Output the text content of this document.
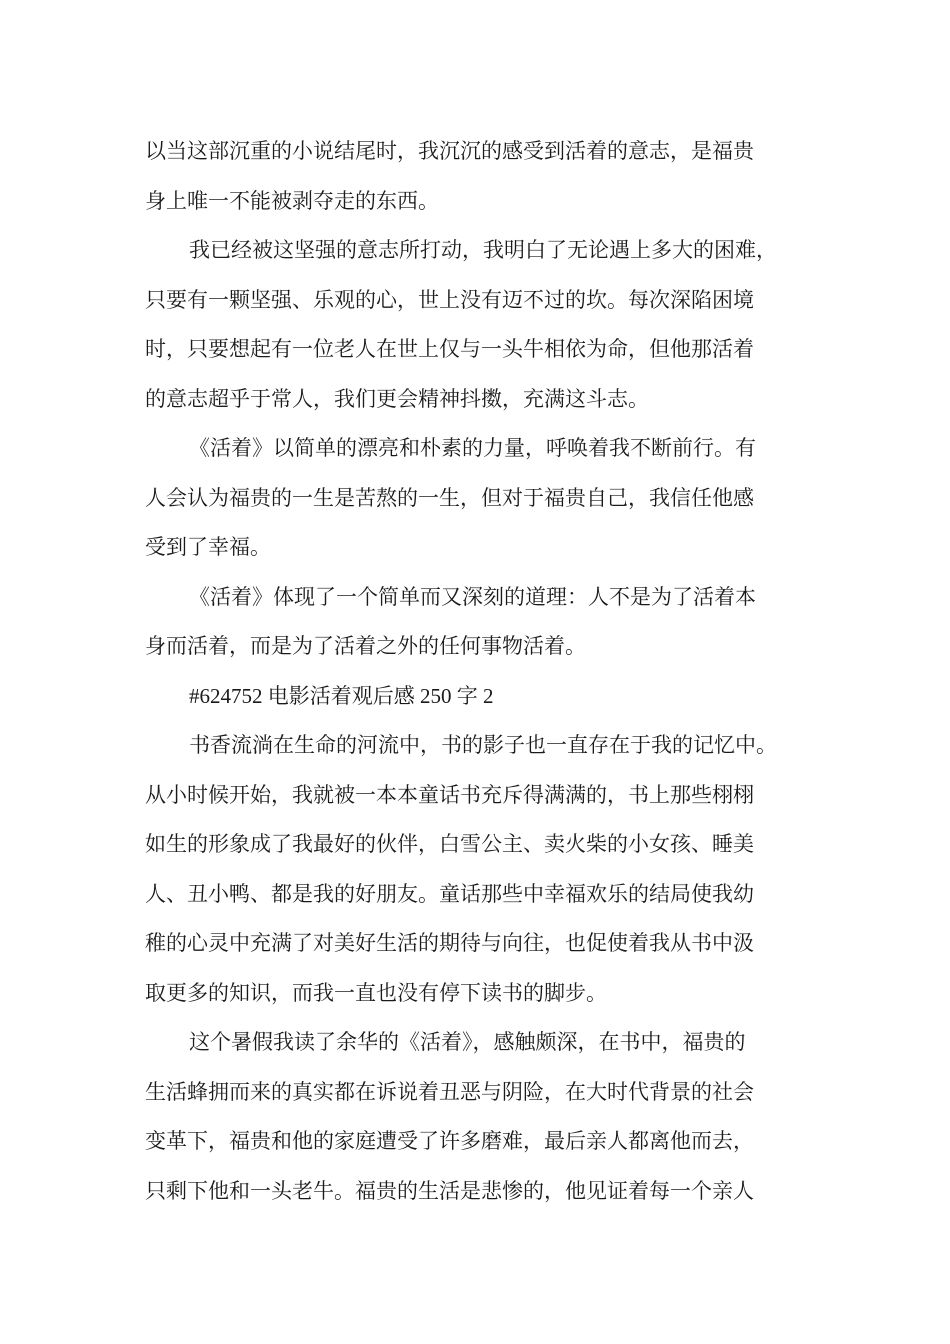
以当这部沉重的小说结尾时，我沉沉的感受到活着的意志，是福贵
身上唯一不能被剥夺走的东西。
我已经被这坚强的意志所打动，我明白了无论遇上多大的困难，
只要有一颗坚强、乐观的心，世上没有迈不过的坎。每次深陷困境
时，只要想起有一位老人在世上仅与一头牛相依为命，但他那活着
的意志超乎于常人，我们更会精神抖擞，充满这斗志。
《活着》以简单的漂亮和朴素的力量，呼唤着我不断前行。有
人会认为福贵的一生是苦熬的一生，但对于福贵自己，我信任他感
受到了幸福。
《活着》体现了一个简单而又深刻的道理：人不是为了活着本
身而活着，而是为了活着之外的任何事物活着。
#624752 电影活着观后感 250 字 2
书香流淌在生命的河流中，书的影子也一直存在于我的记忆中。
从小时候开始，我就被一本本童话书充斥得满满的，书上那些栩栩
如生的形象成了我最好的伙伴，白雪公主、卖火柴的小女孩、睡美
人、丑小鸭、都是我的好朋友。童话那些中幸福欢乐的结局使我幼
稚的心灵中充满了对美好生活的期待与向往，也促使着我从书中汲
取更多的知识，而我一直也没有停下读书的脚步。
这个暑假我读了余华的《活着》，感触颇深，在书中，福贵的
生活蜂拥而来的真实都在诉说着丑恶与阴险，在大时代背景的社会
变革下，福贵和他的家庭遭受了许多磨难，最后亲人都离他而去，
只剩下他和一头老牛。福贵的生活是悲惨的，他见证着每一个亲人
